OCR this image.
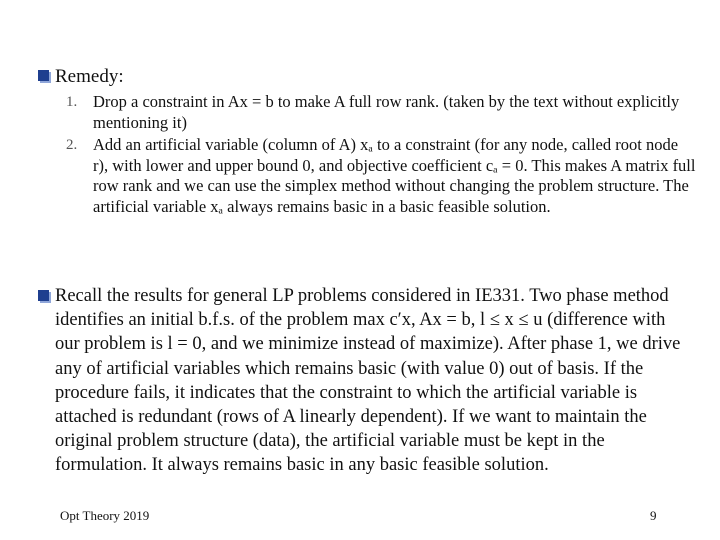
Remedy:
1. Drop a constraint in Ax = b to make A full row rank. (taken by the text without explicitly mentioning it)
2. Add an artificial variable (column of A) xₐ to a constraint (for any node, called root node r), with lower and upper bound 0, and objective coefficient cₐ = 0. This makes A matrix full row rank and we can use the simplex method without changing the problem structure. The artificial variable xₐ always remains basic in a basic feasible solution.
Recall the results for general LP problems considered in IE331. Two phase method identifies an initial b.f.s. of the problem max c′x, Ax = b, l ≤ x ≤ u (difference with our problem is l = 0, and we minimize instead of maximize). After phase 1, we drive any of artificial variables which remains basic (with value 0) out of basis. If the procedure fails, it indicates that the constraint to which the artificial variable is attached is redundant (rows of A linearly dependent). If we want to maintain the original problem structure (data), the artificial variable must be kept in the formulation. It always remains basic in any basic feasible solution.
Opt Theory 2019	9
